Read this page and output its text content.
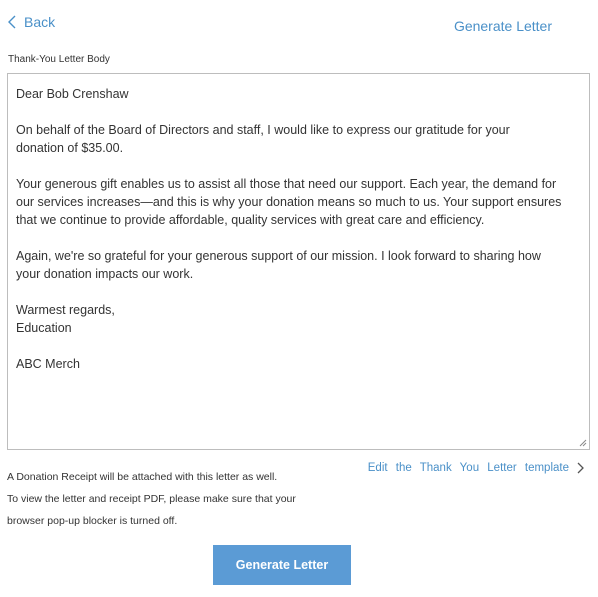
Back	Generate Letter
Thank-You Letter Body

Dear Bob Crenshaw

On behalf of the Board of Directors and staff, I would like to express our gratitude for your
donation of $35.00.

Your generous gift enables us to assist all those that need our support. Each year, the demand for
our services increases—and this is why your donation means so much to us. Your support ensures
that we continue to provide affordable, quality services with great care and efficiency.

Again, we're so grateful for your generous support of our mission. I look forward to sharing how
your donation impacts our work.

Warmest regards,
Education

ABC Merch

A Donation Receipt will be attached with this letter as well.
To view the letter and receipt PDF, please make sure that your
browser pop-up blocker is turned off.
Edit the Thank You Letter template
Generate Letter
